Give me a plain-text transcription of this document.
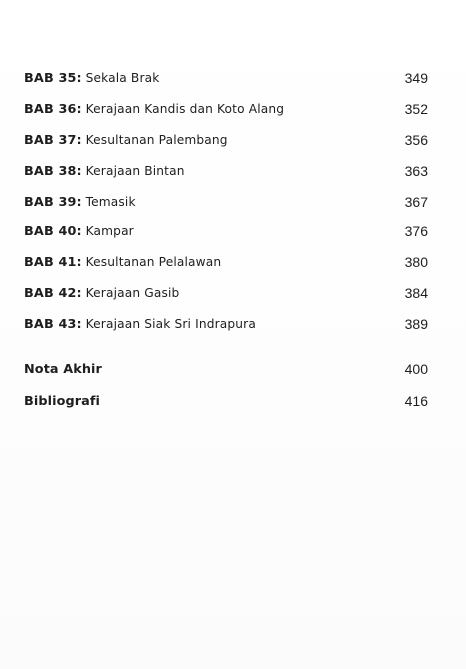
BAB 35: Sekala Brak	349
BAB 36: Kerajaan Kandis dan Koto Alang	352
BAB 37: Kesultanan Palembang	356
BAB 38: Kerajaan Bintan	363
BAB 39: Temasik	367
BAB 40: Kampar	376
BAB 41: Kesultanan Pelalawan	380
BAB 42: Kerajaan Gasib	384
BAB 43: Kerajaan Siak Sri Indrapura	389
Nota Akhir	400
Bibliografi	416
